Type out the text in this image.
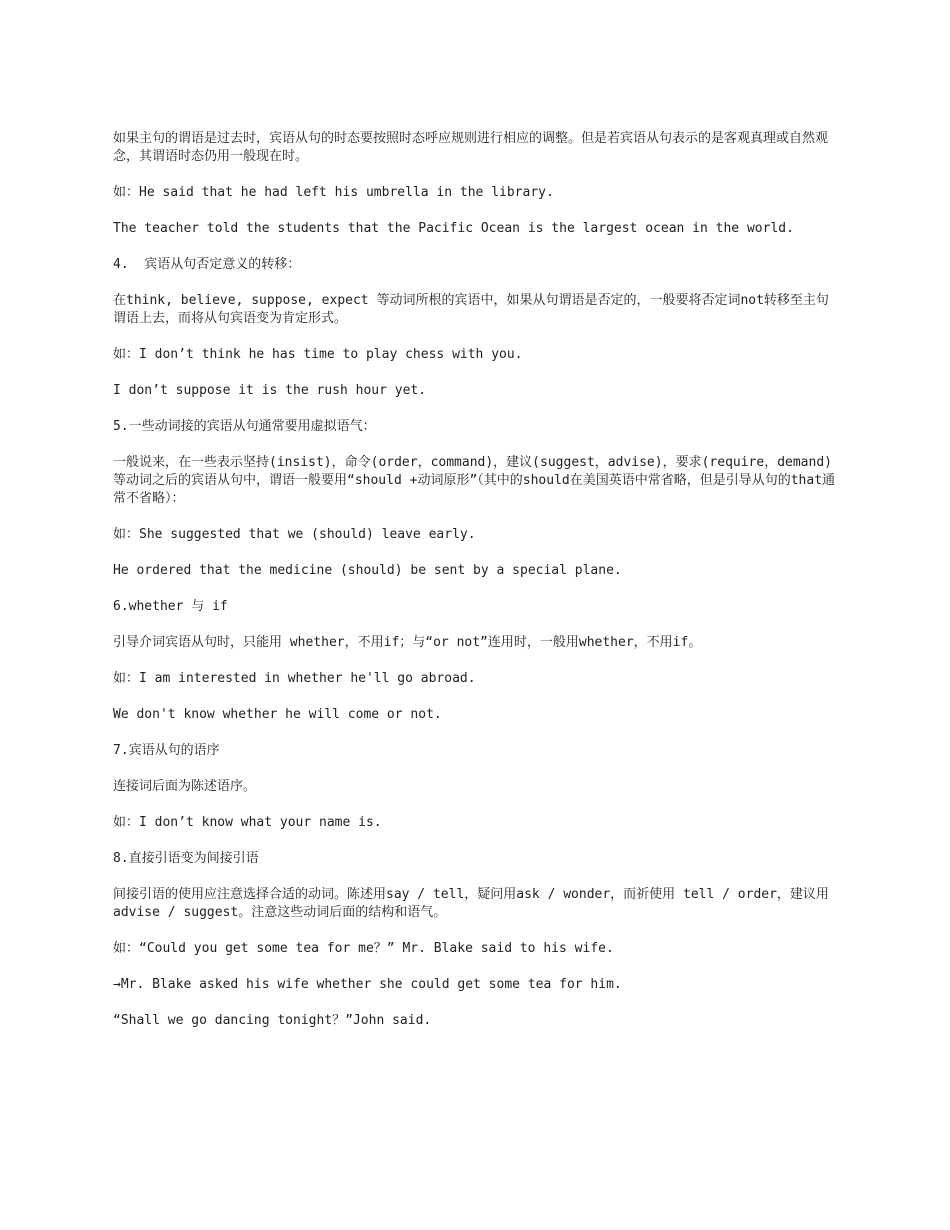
如果主句的谓语是过去时，宾语从句的时态要按照时态呼应规则进行相应的调整。但是若宾语从句表示的是客观真理或自然观念，其谓语时态仍用一般现在时。

如：He said that he had left his umbrella in the library.

The teacher told the students that the Pacific Ocean is the largest ocean in the world.

4.  宾语从句否定意义的转移：

在think, believe, suppose, expect 等动词所根的宾语中，如果从句谓语是否定的，一般要将否定词not转移至主句谓语上去，而将从句宾语变为肯定形式。

如：I don’t think he has time to play chess with you.

I don’t suppose it is the rush hour yet.

5.一些动词接的宾语从句通常要用虚拟语气：

一般说来，在一些表示坚持(insist)，命令(order，command)，建议(suggest，advise)，要求(require，demand) 等动词之后的宾语从句中，谓语一般要用“should +动词原形”（其中的should在美国英语中常省略，但是引导从句的that通常不省略）：

如：She suggested that we (should) leave early.

He ordered that the medicine (should) be sent by a special plane.

6.whether 与 if

引导介词宾语从句时，只能用 whether，不用if；与“or not”连用时，一般用whether，不用if。

如：I am interested in whether he'll go abroad.

We don't know whether he will come or not.

7.宾语从句的语序

连接词后面为陈述语序。

如：I don’t know what your name is.

8.直接引语变为间接引语

间接引语的使用应注意选择合适的动词。陈述用say / tell，疑问用ask / wonder，而祈使用 tell / order，建议用advise / suggest。注意这些动词后面的结构和语气。

如：“Could you get some tea for me？” Mr. Blake said to his wife.

→Mr. Blake asked his wife whether she could get some tea for him.

“Shall we go dancing tonight？”John said.
